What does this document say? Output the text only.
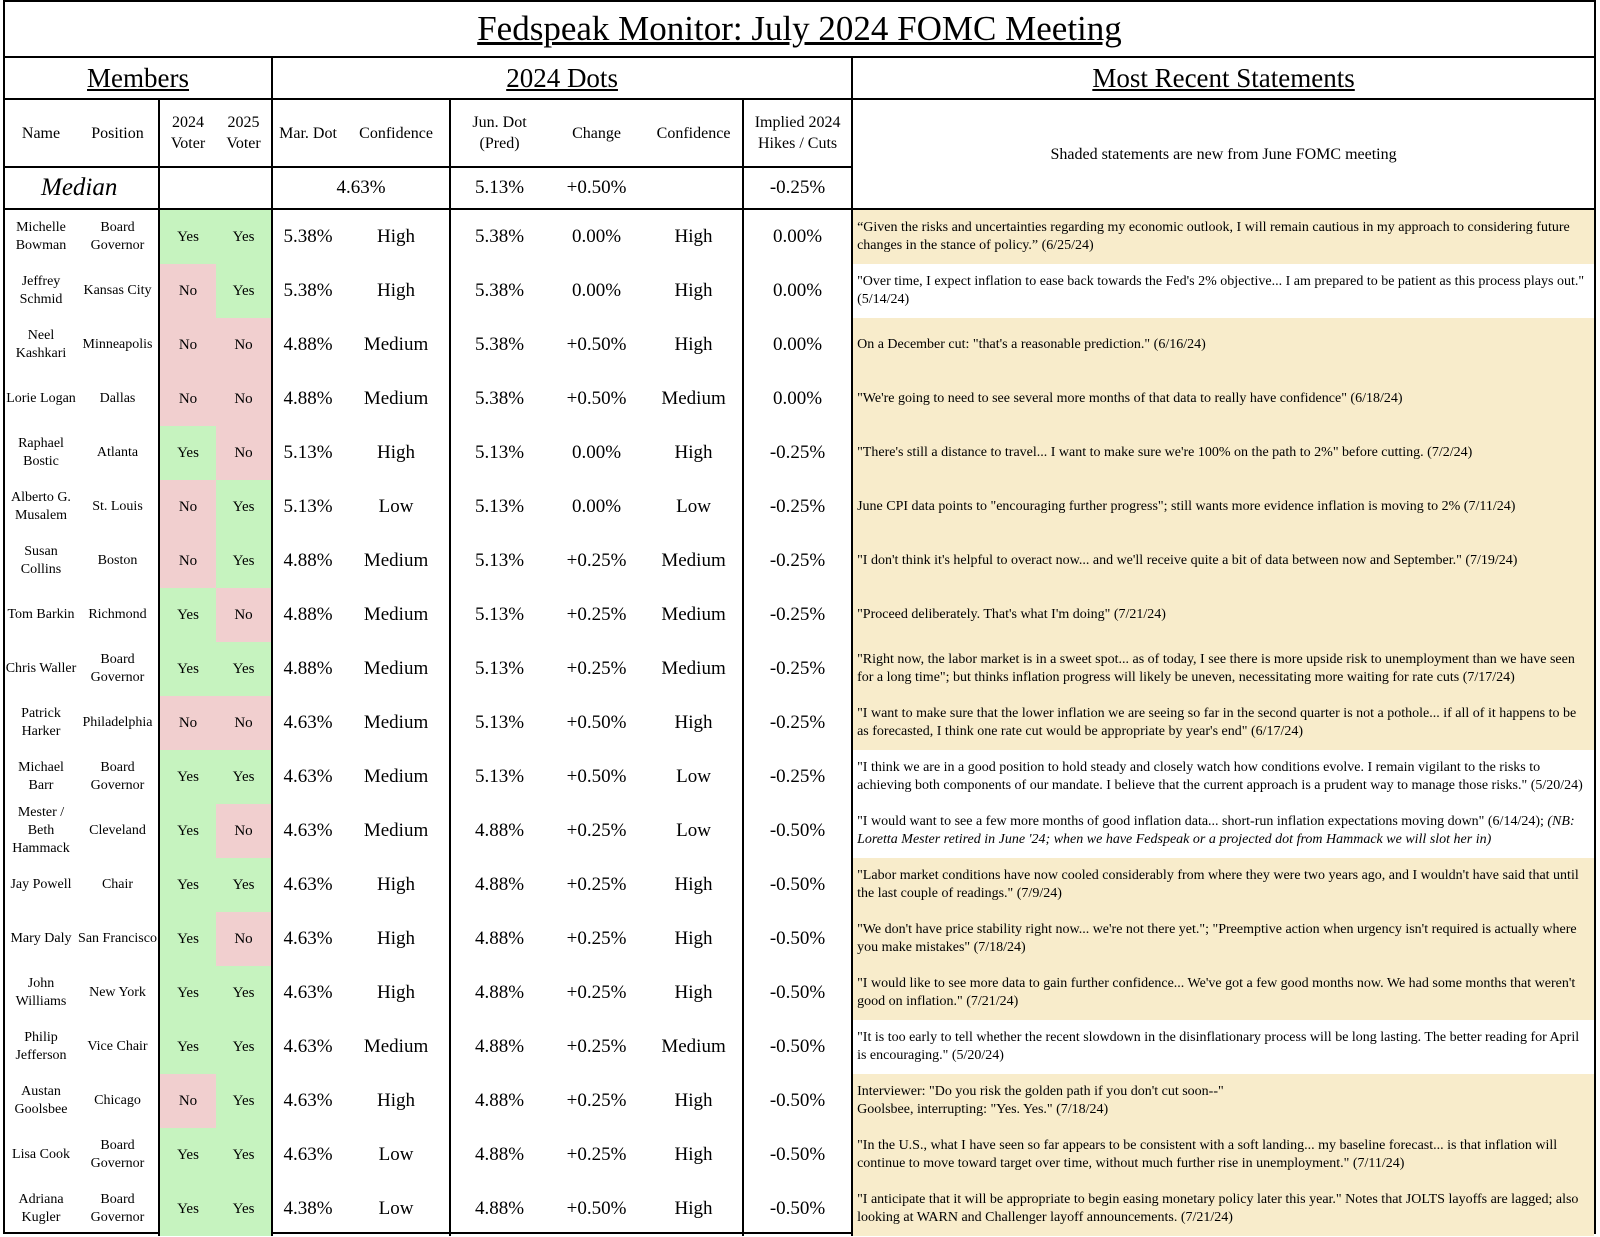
Fedspeak Monitor: July 2024 FOMC Meeting
Members				2024 Dots						Most Recent Statements
Name	Position	2024 Voter	2025 Voter	Mar. Dot	Confidence	Jun. Dot (Pred)	Change	Confidence	Implied 2024 Hikes / Cuts	Shaded statements are new from June FOMC meeting
Median				4.63%		5.13%	+0.50%		-0.25%	
Michelle Bowman	Board Governor	Yes	Yes	5.38%	High	5.38%	0.00%	High	0.00%	“Given the risks and uncertainties regarding my economic outlook, I will remain cautious in my approach to considering future changes in the stance of policy.” (6/25/24)
Jeffrey Schmid	Kansas City	No	Yes	5.38%	High	5.38%	0.00%	High	0.00%	"Over time, I expect inflation to ease back towards the Fed's 2% objective... I am prepared to be patient as this process plays out." (5/14/24)
Neel Kashkari	Minneapolis	No	No	4.88%	Medium	5.38%	+0.50%	High	0.00%	On a December cut: "that's a reasonable prediction." (6/16/24)
Lorie Logan	Dallas	No	No	4.88%	Medium	5.38%	+0.50%	Medium	0.00%	"We're going to need to see several more months of that data to really have confidence" (6/18/24)
Raphael Bostic	Atlanta	Yes	No	5.13%	High	5.13%	0.00%	High	-0.25%	"There's still a distance to travel... I want to make sure we're 100% on the path to 2%" before cutting. (7/2/24)
Alberto G. Musalem	St. Louis	No	Yes	5.13%	Low	5.13%	0.00%	Low	-0.25%	June CPI data points to "encouraging further progress"; still wants more evidence inflation is moving to 2% (7/11/24)
Susan Collins	Boston	No	Yes	4.88%	Medium	5.13%	+0.25%	Medium	-0.25%	"I don't think it's helpful to overact now... and we'll receive quite a bit of data between now and September." (7/19/24)
Tom Barkin	Richmond	Yes	No	4.88%	Medium	5.13%	+0.25%	Medium	-0.25%	"Proceed deliberately. That's what I'm doing" (7/21/24)
Chris Waller	Board Governor	Yes	Yes	4.88%	Medium	5.13%	+0.25%	Medium	-0.25%	"Right now, the labor market is in a sweet spot... as of today, I see there is more upside risk to unemployment than we have seen for a long time"; but thinks inflation progress will likely be uneven, necessitating more waiting for rate cuts (7/17/24)
Patrick Harker	Philadelphia	No	No	4.63%	Medium	5.13%	+0.50%	High	-0.25%	"I want to make sure that the lower inflation we are seeing so far in the second quarter is not a pothole... if all of it happens to be as forecasted, I think one rate cut would be appropriate by year's end" (6/17/24)
Michael Barr	Board Governor	Yes	Yes	4.63%	Medium	5.13%	+0.50%	Low	-0.25%	"I think we are in a good position to hold steady and closely watch how conditions evolve. I remain vigilant to the risks to achieving both components of our mandate. I believe that the current approach is a prudent way to manage those risks." (5/20/24)
Mester / Beth Hammack	Cleveland	Yes	No	4.63%	Medium	4.88%	+0.25%	Low	-0.50%	"I would want to see a few more months of good inflation data... short-run inflation expectations moving down" (6/14/24); (NB: Loretta Mester retired in June '24; when we have Fedspeak or a projected dot from Hammack we will slot her in)
Jay Powell	Chair	Yes	Yes	4.63%	High	4.88%	+0.25%	High	-0.50%	"Labor market conditions have now cooled considerably from where they were two years ago, and I wouldn't have said that until the last couple of readings." (7/9/24)
Mary Daly	San Francisco	Yes	No	4.63%	High	4.88%	+0.25%	High	-0.50%	"We don't have price stability right now... we're not there yet."; "Preemptive action when urgency isn't required is actually where you make mistakes" (7/18/24)
John Williams	New York	Yes	Yes	4.63%	High	4.88%	+0.25%	High	-0.50%	"I would like to see more data to gain further confidence... We've got a few good months now. We had some months that weren't good on inflation." (7/21/24)
Philip Jefferson	Vice Chair	Yes	Yes	4.63%	Medium	4.88%	+0.25%	Medium	-0.50%	"It is too early to tell whether the recent slowdown in the disinflationary process will be long lasting. The better reading for April is encouraging." (5/20/24)
Austan Goolsbee	Chicago	No	Yes	4.63%	High	4.88%	+0.25%	High	-0.50%	Interviewer: "Do you risk the golden path if you don't cut soon--"
Goolsbee, interrupting: "Yes. Yes." (7/18/24)
Lisa Cook	Board Governor	Yes	Yes	4.63%	Low	4.88%	+0.25%	High	-0.50%	"In the U.S., what I have seen so far appears to be consistent with a soft landing... my baseline forecast... is that inflation will continue to move toward target over time, without much further rise in unemployment." (7/11/24)
Adriana Kugler	Board Governor	Yes	Yes	4.38%	Low	4.88%	+0.50%	High	-0.50%	"I anticipate that it will be appropriate to begin easing monetary policy later this year." Notes that JOLTS layoffs are lagged; also looking at WARN and Challenger layoff announcements. (7/21/24)
